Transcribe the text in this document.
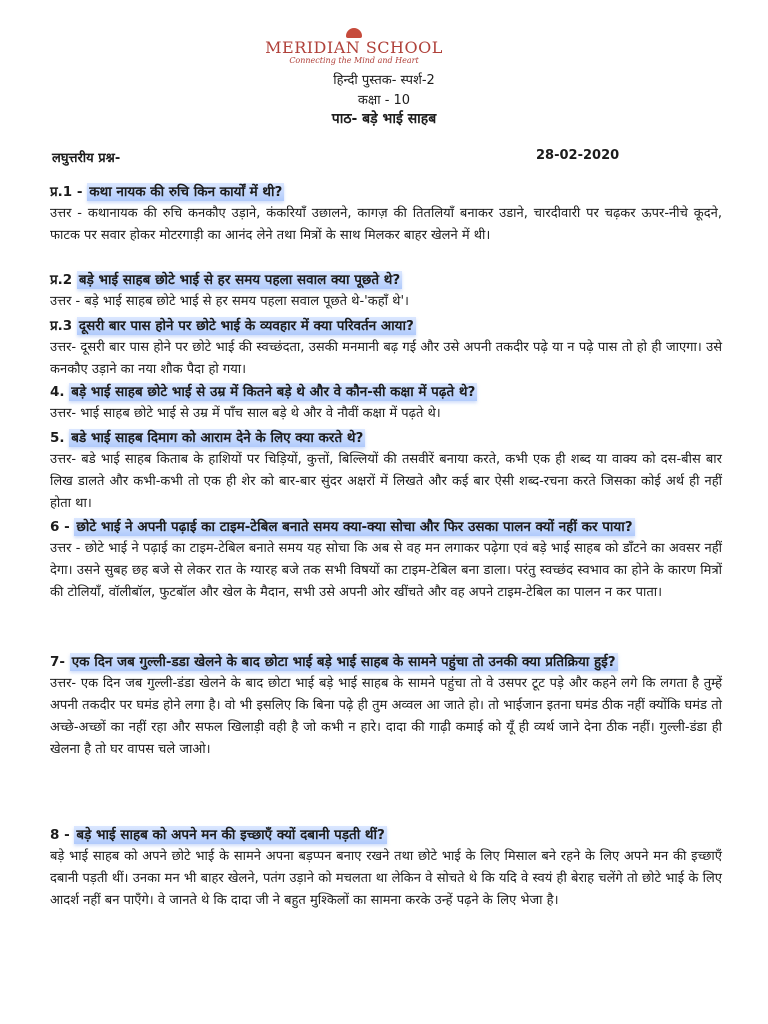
MERIDIAN SCHOOL
Connecting the Mind and Heart
हिन्दी पुस्तक- स्पर्श-2
कक्षा - 10
पाठ- बड़े भाई साहब
लघुत्तरीय प्रश्न-	28-02-2020
प्र.1 - कथा नायक की रुचि किन कार्यों में थी?
उत्तर - कथानायक की रुचि कनकौए उड़ाने, कंकरियाँ उछालने, कागज़ की तितलियाँ बनाकर उडाने, चारदीवारी पर चढ़कर ऊपर-नीचे कूदने, फाटक पर सवार होकर मोटरगाड़ी का आनंद लेने तथा मित्रों के साथ मिलकर बाहर खेलने में थी।
प्र.2 बड़े भाई साहब छोटे भाई से हर समय पहला सवाल क्या पूछते थे?
उत्तर - बड़े भाई साहब छोटे भाई से हर समय पहला सवाल पूछते थे-'कहाँ थे'।
प्र.3 दूसरी बार पास होने पर छोटे भाई के व्यवहार में क्या परिवर्तन आया?
उत्तर- दूसरी बार पास होने पर छोटे भाई की स्वच्छंदता, उसकी मनमानी बढ़ गई और उसे अपनी तकदीर पढ़े या न पढ़े पास तो हो ही जाएगा। उसे कनकौए उड़ाने का नया शौक पैदा हो गया।
4. बड़े भाई साहब छोटे भाई से उम्र में कितने बड़े थे और वे कौन-सी कक्षा में पढ़ते थे?
उत्तर- भाई साहब छोटे भाई से उम्र में पाँच साल बड़े थे और वे नौवीं कक्षा में पढ़ते थे।
5. बडे भाई साहब दिमाग को आराम देने के लिए क्या करते थे?
उत्तर- बडे भाई साहब किताब के हाशियों पर चिड़ियों, कुत्तों, बिल्लियों की तसवीरें बनाया करते, कभी एक ही शब्द या वाक्य को दस-बीस बार लिख डालते और कभी-कभी तो एक ही शेर को बार-बार सुंदर अक्षरों में लिखते और कई बार ऐसी शब्द-रचना करते जिसका कोई अर्थ ही नहीं होता था।
6 - छोटे भाई ने अपनी पढ़ाई का टाइम-टेबिल बनाते समय क्या-क्या सोचा और फिर उसका पालन क्यों नहीं कर पाया?
उत्तर - छोटे भाई ने पढ़ाई का टाइम-टेबिल बनाते समय यह सोचा कि अब से वह मन लगाकर पढ़ेगा एवं बड़े भाई साहब को डाँटने का अवसर नहीं देगा। उसने सुबह छह बजे से लेकर रात के ग्यारह बजे तक सभी विषयों का टाइम-टेबिल बना डाला। परंतु स्वच्छंद स्वभाव का होने के कारण मित्रों की टोलियाँ, वॉलीबॉल, फुटबॉल और खेल के मैदान, सभी उसे अपनी ओर खींचते और वह अपने टाइम-टेबिल का पालन न कर पाता।
7- एक दिन जब गुल्ली-डडा खेलने के बाद छोटा भाई बड़े भाई साहब के सामने पहुंचा तो उनकी क्या प्रतिक्रिया हुई?
उत्तर- एक दिन जब गुल्ली-डंडा खेलने के बाद छोटा भाई बड़े भाई साहब के सामने पहुंचा तो वे उसपर टूट पड़े और कहने लगे कि लगता है तुम्हें अपनी तकदीर पर घमंड होने लगा है। वो भी इसलिए कि बिना पढ़े ही तुम अव्वल आ जाते हो। तो भाईजान इतना घमंड ठीक नहीं क्योंकि घमंड तो अच्छे-अच्छों का नहीं रहा और सफल खिलाड़ी वही है जो कभी न हारे। दादा की गाढ़ी कमाई को यूँ ही व्यर्थ जाने देना ठीक नहीं। गुल्ली-डंडा ही खेलना है तो घर वापस चले जाओ।
8 - बड़े भाई साहब को अपने मन की इच्छाएँ क्यों दबानी पड़ती थीं?
बड़े भाई साहब को अपने छोटे भाई के सामने अपना बड़प्पन बनाए रखने तथा छोटे भाई के लिए मिसाल बने रहने के लिए अपने मन की इच्छाएँ दबानी पड़ती थीं। उनका मन भी बाहर खेलने, पतंग उड़ाने को मचलता था लेकिन वे सोचते थे कि यदि वे स्वयं ही बेराह चलेंगे तो छोटे भाई के लिए आदर्श नहीं बन पाएँगे। वे जानते थे कि दादा जी ने बहुत मुश्किलों का सामना करके उन्हें पढ़ने के लिए भेजा है।
